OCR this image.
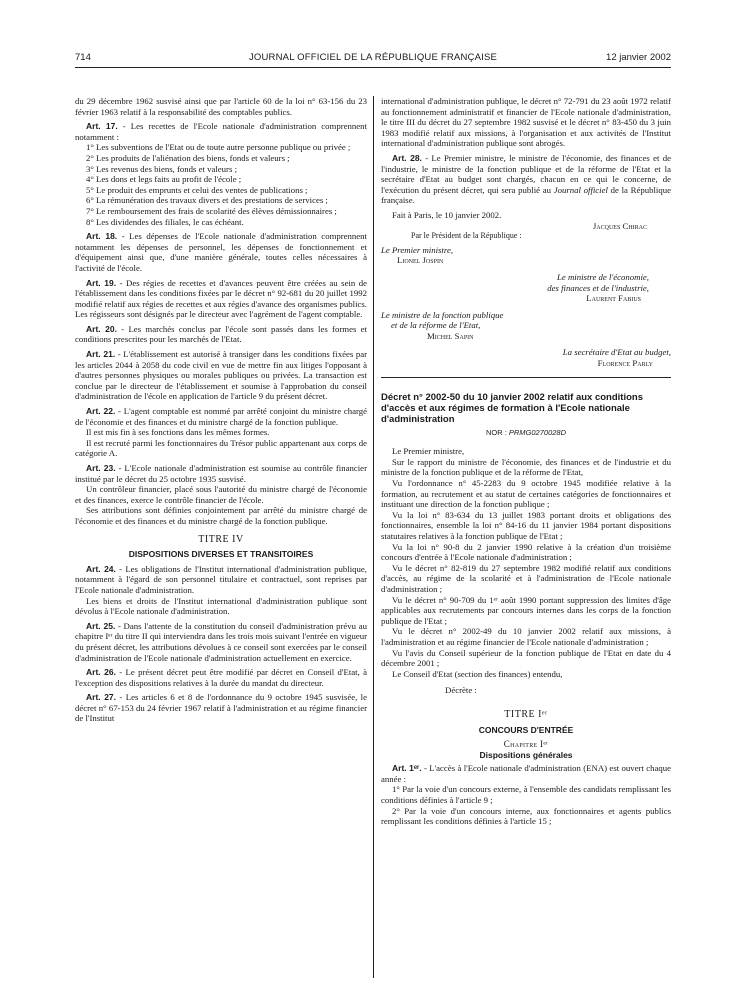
714	JOURNAL OFFICIEL DE LA RÉPUBLIQUE FRANÇAISE	12 janvier 2002

du 29 décembre 1962 susvisé ainsi que par l'article 60 de la loi n° 63-156 du 23 février 1963 relatif à la responsabilité des comptables publics.

Art. 17. - Les recettes de l'Ecole nationale d'administration comprennent notamment :

1° Les subventions de l'Etat ou de toute autre personne publique ou privée ;

2° Les produits de l'aliénation des biens, fonds et valeurs ;

3° Les revenus des biens, fonds et valeurs ;

4° Les dons et legs faits au profit de l'école ;

5° Le produit des emprunts et celui des ventes de publications ;

6° La rémunération des travaux divers et des prestations de services ;

7° Le remboursement des frais de scolarité des élèves démissionnaires ;

8° Les dividendes des filiales, le cas échéant.

Art. 18. - Les dépenses de l'Ecole nationale d'administration comprennent notamment les dépenses de personnel, les dépenses de fonctionnement et d'équipement ainsi que, d'une manière générale, toutes celles nécessaires à l'activité de l'école.

Art. 19. - Des régies de recettes et d'avances peuvent être créées au sein de l'établissement dans les conditions fixées par le décret n° 92-681 du 20 juillet 1992 modifié relatif aux régies de recettes et aux régies d'avance des organismes publics. Les régisseurs sont désignés par le directeur avec l'agrément de l'agent comptable.

Art. 20. - Les marchés conclus par l'école sont passés dans les formes et conditions prescrites pour les marchés de l'Etat.

Art. 21. - L'établissement est autorisé à transiger dans les conditions fixées par les articles 2044 à 2058 du code civil en vue de mettre fin aux litiges l'opposant à d'autres personnes physiques ou morales publiques ou privées. La transaction est conclue par le directeur de l'établissement et soumise à l'approbation du conseil d'administration de l'école en application de l'article 9 du présent décret.

Art. 22. - L'agent comptable est nommé par arrêté conjoint du ministre chargé de l'économie et des finances et du ministre chargé de la fonction publique.

Il est mis fin à ses fonctions dans les mêmes formes.

Il est recruté parmi les fonctionnaires du Trésor public appartenant aux corps de catégorie A.

Art. 23. - L'Ecole nationale d'administration est soumise au contrôle financier institué par le décret du 25 octobre 1935 susvisé.

Un contrôleur financier, placé sous l'autorité du ministre chargé de l'économie et des finances, exerce le contrôle financier de l'école.

Ses attributions sont définies conjointement par arrêté du ministre chargé de l'économie et des finances et du ministre chargé de la fonction publique.

TITRE IV

DISPOSITIONS DIVERSES ET TRANSITOIRES

Art. 24. - Les obligations de l'Institut international d'administration publique, notamment à l'égard de son personnel titulaire et contractuel, sont reprises par l'Ecole nationale d'administration.

Les biens et droits de l'Institut international d'administration publique sont dévolus à l'Ecole nationale d'administration.

Art. 25. - Dans l'attente de la constitution du conseil d'administration prévu au chapitre Iᵉʳ du titre II qui interviendra dans les trois mois suivant l'entrée en vigueur du présent décret, les attributions dévolues à ce conseil sont exercées par le conseil d'administration de l'Ecole nationale d'administration actuellement en exercice.

Art. 26. - Le présent décret peut être modifié par décret en Conseil d'Etat, à l'exception des dispositions relatives à la durée du mandat du directeur.

Art. 27. - Les articles 6 et 8 de l'ordonnance du 9 octobre 1945 susvisée, le décret n° 67-153 du 24 février 1967 relatif à l'administration et au régime financier de l'Institut

international d'administration publique, le décret n° 72-791 du 23 août 1972 relatif au fonctionnement administratif et financier de l'Ecole nationale d'administration, le titre III du décret du 27 septembre 1982 susvisé et le décret n° 83-450 du 3 juin 1983 modifié relatif aux missions, à l'organisation et aux activités de l'Institut international d'administration publique sont abrogés.

Art. 28. - Le Premier ministre, le ministre de l'économie, des finances et de l'industrie, le ministre de la fonction publique et de la réforme de l'Etat et la secrétaire d'Etat au budget sont chargés, chacun en ce qui le concerne, de l'exécution du présent décret, qui sera publié au Journal officiel de la République française.

Fait à Paris, le 10 janvier 2002.

Jacques Chirac

Par le Président de la République :

Le Premier ministre,

Lionel Jospin

Le ministre de l'économie,

des finances et de l'industrie,

Laurent Fabius

Le ministre de la fonction publique

et de la réforme de l'Etat,

Michel Sapin

La secrétaire d'Etat au budget,

Florence Parly

Décret n° 2002-50 du 10 janvier 2002 relatif aux conditions d'accès et aux régimes de formation à l'Ecole nationale d'administration

NOR : PRMG0270028D

Le Premier ministre,

Sur le rapport du ministre de l'économie, des finances et de l'industrie et du ministre de la fonction publique et de la réforme de l'Etat,

Vu l'ordonnance n° 45-2283 du 9 octobre 1945 modifiée relative à la formation, au recrutement et au statut de certaines catégories de fonctionnaires et instituant une direction de la fonction publique ;

Vu la loi n° 83-634 du 13 juillet 1983 portant droits et obligations des fonctionnaires, ensemble la loi n° 84-16 du 11 janvier 1984 portant dispositions statutaires relatives à la fonction publique de l'Etat ;

Vu la loi n° 90-8 du 2 janvier 1990 relative à la création d'un troisième concours d'entrée à l'Ecole nationale d'administration ;

Vu le décret n° 82-819 du 27 septembre 1982 modifié relatif aux conditions d'accès, au régime de la scolarité et à l'administration de l'Ecole nationale d'administration ;

Vu le décret n° 90-709 du 1ᵉʳ août 1990 portant suppression des limites d'âge applicables aux recrutements par concours internes dans les corps de la fonction publique de l'Etat ;

Vu le décret n° 2002-49 du 10 janvier 2002 relatif aux missions, à l'administration et au régime financier de l'Ecole nationale d'administration ;

Vu l'avis du Conseil supérieur de la fonction publique de l'Etat en date du 4 décembre 2001 ;

Le Conseil d'Etat (section des finances) entendu,

Décrète :

TITRE Iᵉʳ

CONCOURS D'ENTRÉE

Chapitre Iᵉʳ

Dispositions générales

Art. 1ᵉʳ. - L'accès à l'Ecole nationale d'administration (ENA) est ouvert chaque année :

1° Par la voie d'un concours externe, à l'ensemble des candidats remplissant les conditions définies à l'article 9 ;

2° Par la voie d'un concours interne, aux fonctionnaires et agents publics remplissant les conditions définies à l'article 15 ;
